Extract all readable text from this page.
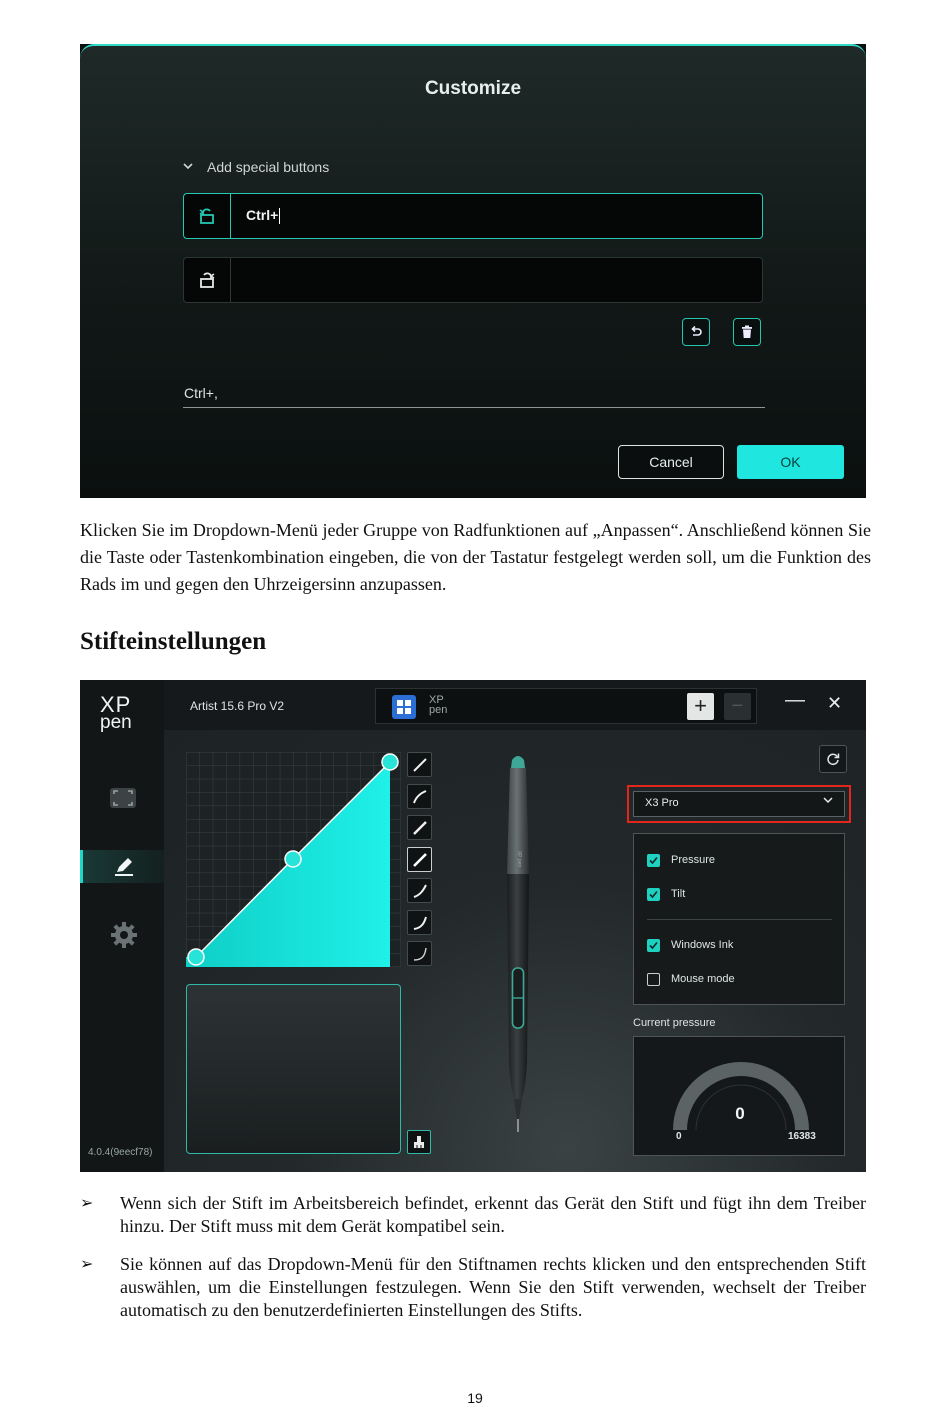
Customize
Add special buttons
Ctrl+
Ctrl+,
Cancel	OK
Klicken Sie im Dropdown-Menü jeder Gruppe von Radfunktionen auf „Anpassen“. Anschließend können Sie die Taste oder Tastenkombination eingeben, die von der Tastatur festgelegt werden soll, um die Funktion des Rads im und gegen den Uhrzeigersinn anzupassen.
Stifteinstellungen
XP
pen
4.0.4(9eecf78)
Artist 15.6 Pro V2	XP
pen	+	−	— ✕
XP pen
X3 Pro
Pressure
Tilt
Windows Ink
Mouse mode
Current pressure
0
0	16383
➢ Wenn sich der Stift im Arbeitsbereich befindet, erkennt das Gerät den Stift und fügt ihn dem Treiber hinzu. Der Stift muss mit dem Gerät kompatibel sein.
➢ Sie können auf das Dropdown-Menü für den Stiftnamen rechts klicken und den entsprechenden Stift auswählen, um die Einstellungen festzulegen. Wenn Sie den Stift verwenden, wechselt der Treiber automatisch zu den benutzerdefinierten Einstellungen des Stifts.
19
